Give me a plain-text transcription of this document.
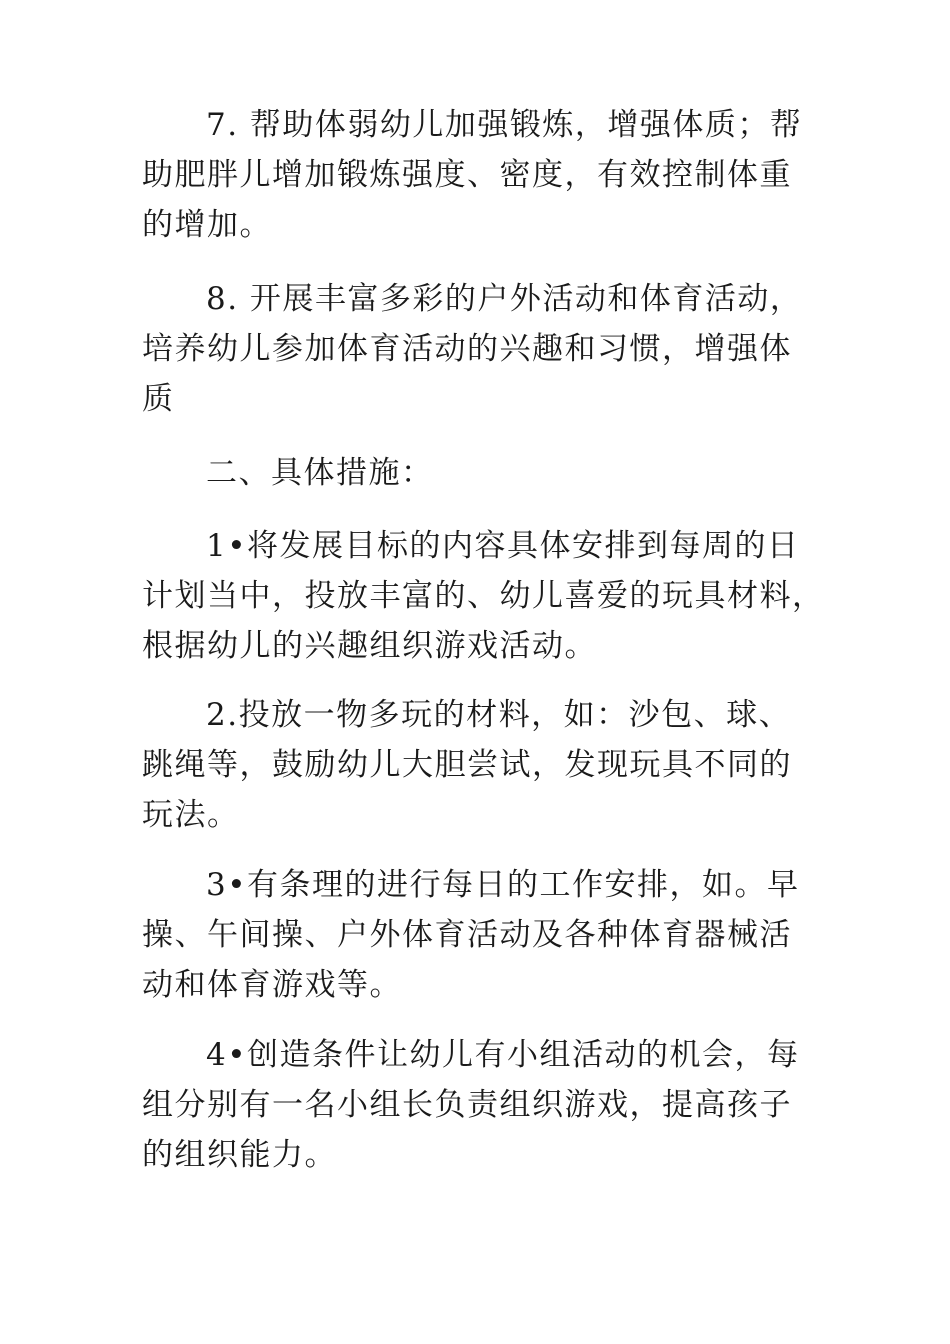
7. 帮助体弱幼儿加强锻炼，增强体质；帮
助肥胖儿增加锻炼强度、密度，有效控制体重
的增加。

8. 开展丰富多彩的户外活动和体育活动，
培养幼儿参加体育活动的兴趣和习惯，增强体
质

二、具体措施：

1•将发展目标的内容具体安排到每周的日
计划当中，投放丰富的、幼儿喜爱的玩具材料，
根据幼儿的兴趣组织游戏活动。

2.投放一物多玩的材料，如：沙包、球、
跳绳等，鼓励幼儿大胆尝试，发现玩具不同的
玩法。

3•有条理的进行每日的工作安排，如。早
操、午间操、户外体育活动及各种体育器械活
动和体育游戏等。

4•创造条件让幼儿有小组活动的机会，每
组分别有一名小组长负责组织游戏，提高孩子
的组织能力。
